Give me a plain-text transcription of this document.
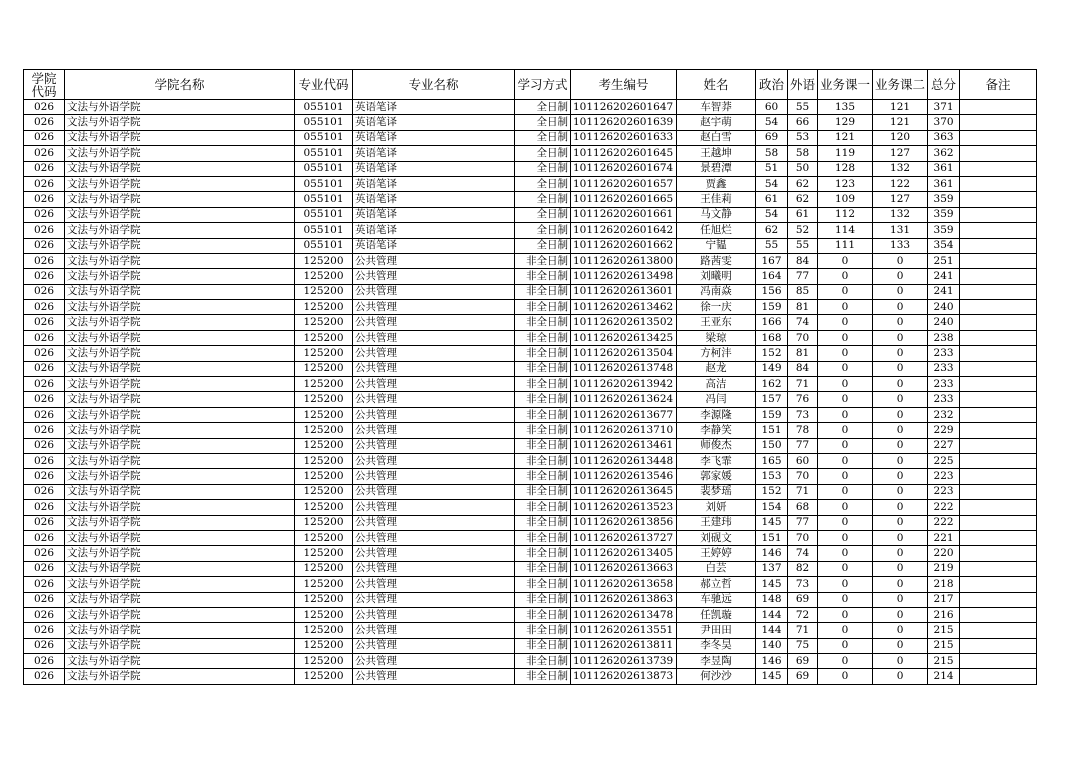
学院代码	学院名称	专业代码	专业名称	学习方式	考生编号	姓名	政治	外语	业务课一	业务课二	总分	备注
026	文法与外语学院	055101	英语笔译	全日制	101126202601647	车智莽	60	55	135	121	371	
026	文法与外语学院	055101	英语笔译	全日制	101126202601639	赵宇萌	54	66	129	121	370	
026	文法与外语学院	055101	英语笔译	全日制	101126202601633	赵白雪	69	53	121	120	363	
026	文法与外语学院	055101	英语笔译	全日制	101126202601645	王越坤	58	58	119	127	362	
026	文法与外语学院	055101	英语笔译	全日制	101126202601674	景碧潭	51	50	128	132	361	
026	文法与外语学院	055101	英语笔译	全日制	101126202601657	贾鑫	54	62	123	122	361	
026	文法与外语学院	055101	英语笔译	全日制	101126202601665	王佳莉	61	62	109	127	359	
026	文法与外语学院	055101	英语笔译	全日制	101126202601661	马文静	54	61	112	132	359	
026	文法与外语学院	055101	英语笔译	全日制	101126202601642	任旭烂	62	52	114	131	359	
026	文法与外语学院	055101	英语笔译	全日制	101126202601662	宁韫	55	55	111	133	354	
026	文法与外语学院	125200	公共管理	非全日制	101126202613800	路茜雯	167	84	0	0	251	
026	文法与外语学院	125200	公共管理	非全日制	101126202613498	刘曦明	164	77	0	0	241	
026	文法与外语学院	125200	公共管理	非全日制	101126202613601	冯南焱	156	85	0	0	241	
026	文法与外语学院	125200	公共管理	非全日制	101126202613462	徐一庆	159	81	0	0	240	
026	文法与外语学院	125200	公共管理	非全日制	101126202613502	王亚东	166	74	0	0	240	
026	文法与外语学院	125200	公共管理	非全日制	101126202613425	梁琼	168	70	0	0	238	
026	文法与外语学院	125200	公共管理	非全日制	101126202613504	方柯沣	152	81	0	0	233	
026	文法与外语学院	125200	公共管理	非全日制	101126202613748	赵龙	149	84	0	0	233	
026	文法与外语学院	125200	公共管理	非全日制	101126202613942	高洁	162	71	0	0	233	
026	文法与外语学院	125200	公共管理	非全日制	101126202613624	冯闫	157	76	0	0	233	
026	文法与外语学院	125200	公共管理	非全日制	101126202613677	李源隆	159	73	0	0	232	
026	文法与外语学院	125200	公共管理	非全日制	101126202613710	李静笑	151	78	0	0	229	
026	文法与外语学院	125200	公共管理	非全日制	101126202613461	师俊杰	150	77	0	0	227	
026	文法与外语学院	125200	公共管理	非全日制	101126202613448	李飞霏	165	60	0	0	225	
026	文法与外语学院	125200	公共管理	非全日制	101126202613546	郭家媛	153	70	0	0	223	
026	文法与外语学院	125200	公共管理	非全日制	101126202613645	裴梦瑶	152	71	0	0	223	
026	文法与外语学院	125200	公共管理	非全日制	101126202613523	刘妍	154	68	0	0	222	
026	文法与外语学院	125200	公共管理	非全日制	101126202613856	王建玮	145	77	0	0	222	
026	文法与外语学院	125200	公共管理	非全日制	101126202613727	刘砚文	151	70	0	0	221	
026	文法与外语学院	125200	公共管理	非全日制	101126202613405	王婷婷	146	74	0	0	220	
026	文法与外语学院	125200	公共管理	非全日制	101126202613663	白芸	137	82	0	0	219	
026	文法与外语学院	125200	公共管理	非全日制	101126202613658	郝立哲	145	73	0	0	218	
026	文法与外语学院	125200	公共管理	非全日制	101126202613863	车驰远	148	69	0	0	217	
026	文法与外语学院	125200	公共管理	非全日制	101126202613478	任凯璇	144	72	0	0	216	
026	文法与外语学院	125200	公共管理	非全日制	101126202613551	尹田田	144	71	0	0	215	
026	文法与外语学院	125200	公共管理	非全日制	101126202613811	李冬昊	140	75	0	0	215	
026	文法与外语学院	125200	公共管理	非全日制	101126202613739	李昱陶	146	69	0	0	215	
026	文法与外语学院	125200	公共管理	非全日制	101126202613873	何沙沙	145	69	0	0	214	
